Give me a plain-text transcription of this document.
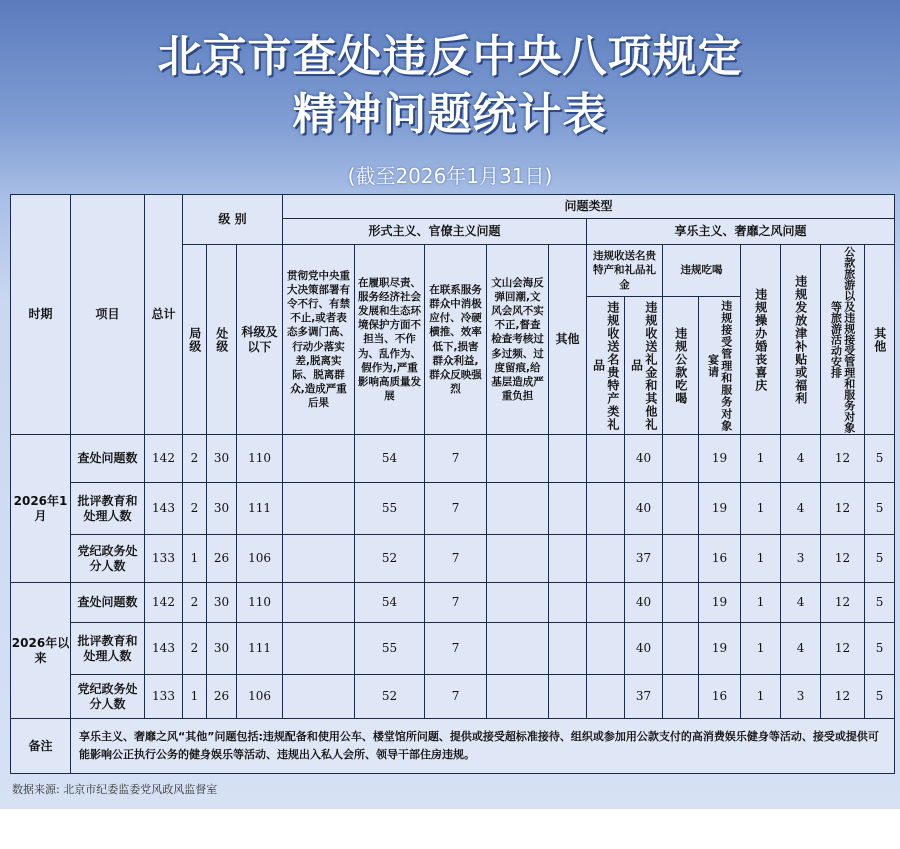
北京市查处违反中央八项规定
精神问题统计表
(截至2026年1月31日)
时期	项目	总计	级 别			问题类型												
						形式主义、官僚主义问题					享乐主义、奢靡之风问题							

			局级	处级	科级及以下	贯彻党中央重大决策部署有令不行、有禁不止,或者表态多调门高、行动少落实差,脱离实际、脱离群众,造成严重后果	在履职尽责、服务经济社会发展和生态环境保护方面不担当、不作为、乱作为、假作为,严重影响高质量发展	在联系服务群众中消极应付、冷硬横推、效率低下,损害群众利益,群众反映强烈	文山会海反弹回潮,文风会风不实不正,督查检查考核过多过频、过度留痕,给基层造成严重负担	其他	违规收送名贵特产和礼品礼金		违规吃喝		违规操办婚丧喜庆	违规发放津补贴或福利	公款旅游以及违规接受管理和服务对象等旅游活动安排	其他

											违规收送名贵特产类礼品	违规收送礼金和其他礼品	违规公款吃喝	违规接受管理和服务对象宴请				

2026年1月	查处问题数	142	2	30	110		54	7				40		19	1	4	12	5
	批评教育和处理人数	143	2	30	111		55	7				40		19	1	4	12	5
	党纪政务处分人数	133	1	26	106		52	7				37		16	1	3	12	5
2026年以来	查处问题数	142	2	30	110		54	7				40		19	1	4	12	5
	批评教育和处理人数	143	2	30	111		55	7				40		19	1	4	12	5
	党纪政务处分人数	133	1	26	106		52	7				37		16	1	3	12	5
备注	享乐主义、奢靡之风“其他”问题包括:违规配备和使用公车、楼堂馆所问题、提供或接受超标准接待、组织或参加用公款支付的高消费娱乐健身等活动、接受或提供可能影响公正执行公务的健身娱乐等活动、违规出入私人会所、领导干部住房违规。																	
数据来源: 北京市纪委监委党风政风监督室
